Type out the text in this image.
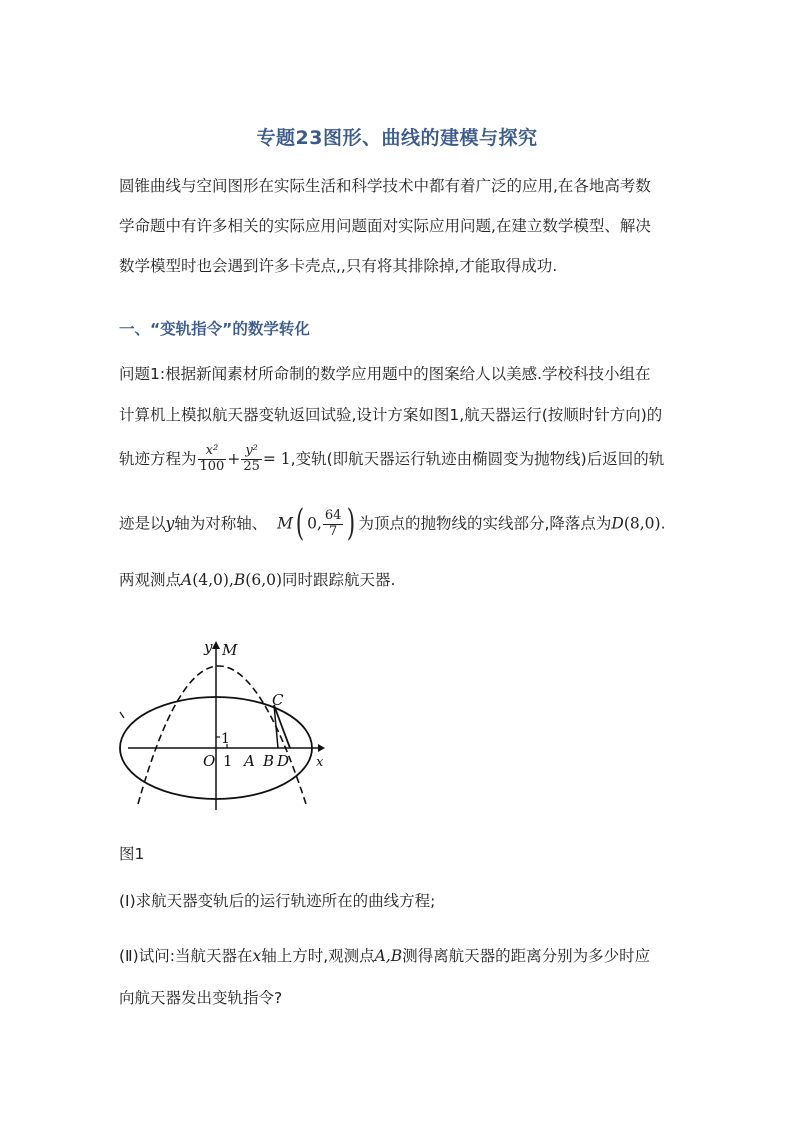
专题23图形、曲线的建模与探究
圆锥曲线与空间图形在实际生活和科学技术中都有着广泛的应用,在各地高考数
学命题中有许多相关的实际应用问题面对实际应用问题,在建立数学模型、解决
数学模型时也会遇到许多卡壳点,,只有将其排除掉,才能取得成功.
一、“变轨指令”的数学转化
问题1:根据新闻素材所命制的数学应用题中的图案给人以美感.学校科技小组在
计算机上模拟航天器变轨返回试验,设计方案如图1,航天器运行(按顺时针方向)的
轨迹方程为 $\frac{\text{x²}}{100} + \frac{\text{y²}}{25} = 1$,变轨(即航天器运行轨迹由椭圆变为抛物线)后返回的轨
迹是以y轴为对称轴、 M( 0, $\frac{64}{7}$ ) 为顶点的抛物线的实线部分,降落点为D(8,0).
两观测点A(4,0),B(6,0)同时跟踪航天器.
y M
C
1
O 1 A B D x
图1
(Ⅰ)求航天器变轨后的运行轨迹所在的曲线方程;
(Ⅱ)试问:当航天器在x轴上方时,观测点A,B测得离航天器的距离分别为多少时应
向航天器发出变轨指令?
